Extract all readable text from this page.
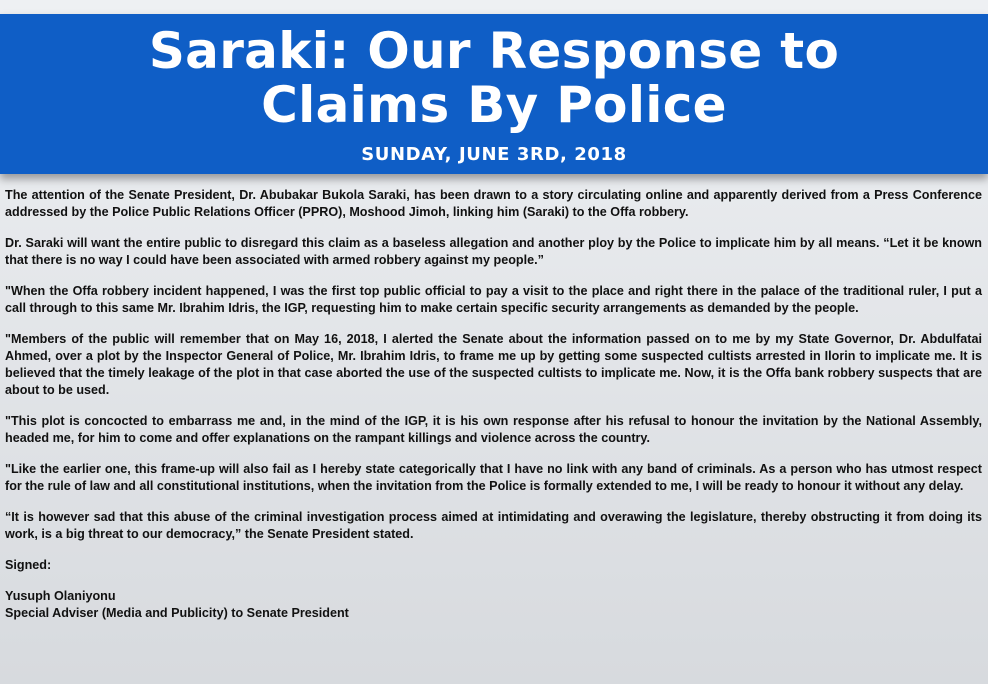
Saraki: Our Response to
Claims By Police
SUNDAY, JUNE 3RD, 2018

The attention of the Senate President, Dr. Abubakar Bukola Saraki, has been drawn to a story circulating online and apparently derived from a Press Conference addressed by the Police Public Relations Officer (PPRO), Moshood Jimoh, linking him (Saraki) to the Offa robbery.

Dr. Saraki will want the entire public to disregard this claim as a baseless allegation and another ploy by the Police to implicate him by all means. “Let it be known that there is no way I could have been associated with armed robbery against my people.”

"When the Offa robbery incident happened, I was the first top public official to pay a visit to the place and right there in the palace of the traditional ruler, I put a call through to this same Mr. Ibrahim Idris, the IGP, requesting him to make certain specific security arrangements as demanded by the people.

"Members of the public will remember that on May 16, 2018, I alerted the Senate about the information passed on to me by my State Governor, Dr. Abdulfatai Ahmed, over a plot by the Inspector General of Police, Mr. Ibrahim Idris, to frame me up by getting some suspected cultists arrested in Ilorin to implicate me. It is believed that the timely leakage of the plot in that case aborted the use of the suspected cultists to implicate me. Now, it is the Offa bank robbery suspects that are about to be used.

"This plot is concocted to embarrass me and, in the mind of the IGP, it is his own response after his refusal to honour the invitation by the National Assembly, headed me, for him to come and offer explanations on the rampant killings and violence across the country.

"Like the earlier one, this frame-up will also fail as I hereby state categorically that I have no link with any band of criminals. As a person who has utmost respect for the rule of law and all constitutional institutions, when the invitation from the Police is formally extended to me, I will be ready to honour it without any delay.

“It is however sad that this abuse of the criminal investigation process aimed at intimidating and overawing the legislature, thereby obstructing it from doing its work, is a big threat to our democracy,” the Senate President stated.

Signed:

Yusuph Olaniyonu

Special Adviser (Media and Publicity) to Senate President
